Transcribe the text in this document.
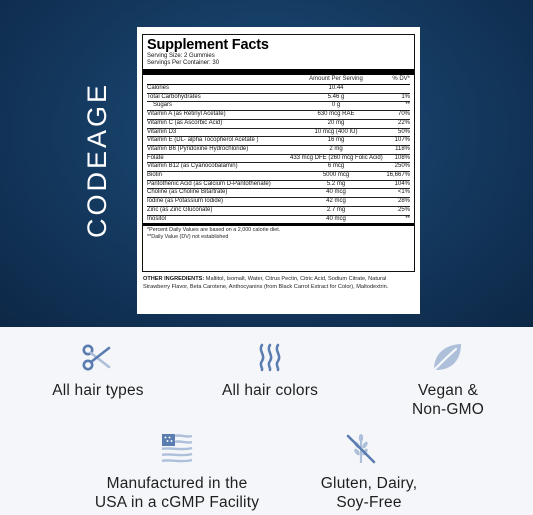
CODEAGE
Supplement Facts
Serving Size: 2 Gummies
Servings Per Container: 30
Amount Per Serving	% DV*
Calories	10.44
Total Carbohydrates	5.46 g	1%
Sugars	0 g	**
Vitamin A (as Retinyl Acetate)	630 mcg RAE	70%
Vitamin C (as Ascorbic Acid)	20 mg	22%
Vitamin D3	10 mcg (400 IU)	50%
Vitamin E (DL- alpha Tocopherol Acetate )	16 mg	107%
Vitamin B6 (Pyridoxine Hydrochloride)	2 mg	118%
Folate	433 mcg DFE (260 mcg Folic Acid)	108%
Vitamin B12 (as Cyanocobalamin)	6 mcg	250%
Biotin	5000 mcg	16,667%
Pantothenic Acid (as Calcium D-Pantothenate)	5.2 mg	104%
Choline (as Choline Bitartrate)	40 mcg	<1%
Iodine (as Potassium Iodide)	42 mcg	28%
Zinc (as Zinc Gluconate)	2.7 mg	25%
Inositol	40 mcg	**
*Percent Daily Values are based on a 2,000 calorie diet.
**Daily Value (DV) not established
OTHER INGREDIENTS: Maltitol, Isomalt, Water, Citrus Pectin, Citric Acid, Sodium Citrate, Natural Strawberry Flavor, Beta Carotene, Anthocyanins (from Black Carrot Extract for Color), Maltodextrin.
All hair types	All hair colors	Vegan &
Non-GMO
Manufactured in the
USA in a cGMP Facility
Gluten, Dairy,
Soy-Free
